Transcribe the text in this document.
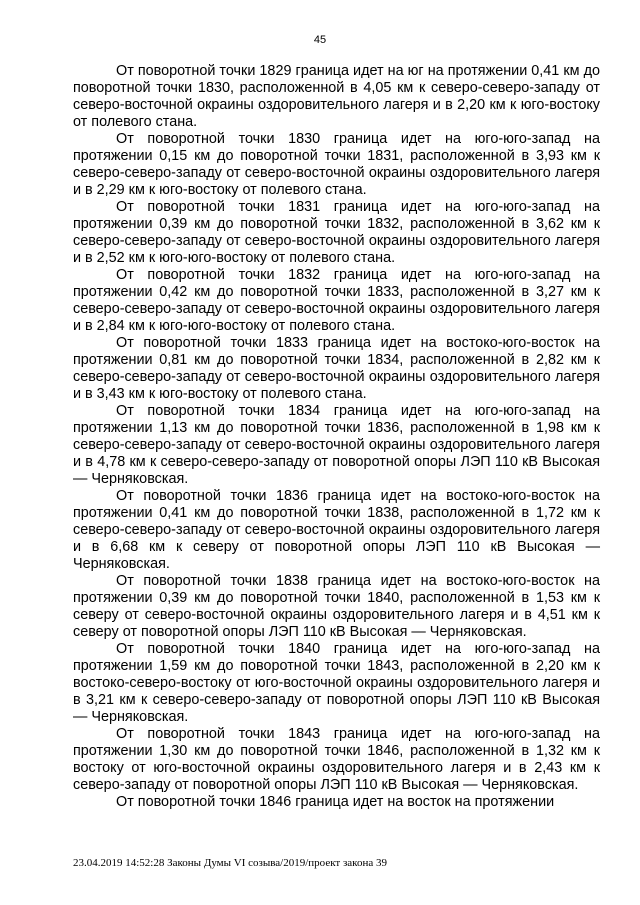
45

От поворотной точки 1829 граница идет на юг на протяжении 0,41 км до поворотной точки 1830, расположенной в 4,05 км к северо-северо-западу от северо-восточной окраины оздоровительного лагеря и в 2,20 км к юго-востоку от полевого стана.

От поворотной точки 1830 граница идет на юго-юго-запад на протяжении 0,15 км до поворотной точки 1831, расположенной в 3,93 км к северо-северо-западу от северо-восточной окраины оздоровительного лагеря и в 2,29 км к юго-востоку от полевого стана.

От поворотной точки 1831 граница идет на юго-юго-запад на протяжении 0,39 км до поворотной точки 1832, расположенной в 3,62 км к северо-северо-западу от северо-восточной окраины оздоровительного лагеря и в 2,52 км к юго-юго-востоку от полевого стана.

От поворотной точки 1832 граница идет на юго-юго-запад на протяжении 0,42 км до поворотной точки 1833, расположенной в 3,27 км к северо-северо-западу от северо-восточной окраины оздоровительного лагеря и в 2,84 км к юго-юго-востоку от полевого стана.

От поворотной точки 1833 граница идет на востоко-юго-восток на протяжении 0,81 км до поворотной точки 1834, расположенной в 2,82 км к северо-северо-западу от северо-восточной окраины оздоровительного лагеря и в 3,43 км к юго-востоку от полевого стана.

От поворотной точки 1834 граница идет на юго-юго-запад на протяжении 1,13 км до поворотной точки 1836, расположенной в 1,98 км к северо-северо-западу от северо-восточной окраины оздоровительного лагеря и в 4,78 км к северо-северо-западу от поворотной опоры ЛЭП 110 кВ Высокая — Черняковская.

От поворотной точки 1836 граница идет на востоко-юго-восток на протяжении 0,41 км до поворотной точки 1838, расположенной в 1,72 км к северо-северо-западу от северо-восточной окраины оздоровительного лагеря и в 6,68 км к северу от поворотной опоры ЛЭП 110 кВ Высокая — Черняковская.

От поворотной точки 1838 граница идет на востоко-юго-восток на протяжении 0,39 км до поворотной точки 1840, расположенной в 1,53 км к северу от северо-восточной окраины оздоровительного лагеря и в 4,51 км к северу от поворотной опоры ЛЭП 110 кВ Высокая — Черняковская.

От поворотной точки 1840 граница идет на юго-юго-запад на протяжении 1,59 км до поворотной точки 1843, расположенной в 2,20 км к востоко-северо-востоку от юго-восточной окраины оздоровительного лагеря и в 3,21 км к северо-северо-западу от поворотной опоры ЛЭП 110 кВ Высокая — Черняковская.

От поворотной точки 1843 граница идет на юго-юго-запад на протяжении 1,30 км до поворотной точки 1846, расположенной в 1,32 км к востоку от юго-восточной окраины оздоровительного лагеря и в 2,43 км к северо-западу от поворотной опоры ЛЭП 110 кВ Высокая — Черняковская.

От поворотной точки 1846 граница идет на восток на протяжении

23.04.2019 14:52:28 Законы Думы VI созыва/2019/проект закона 39
